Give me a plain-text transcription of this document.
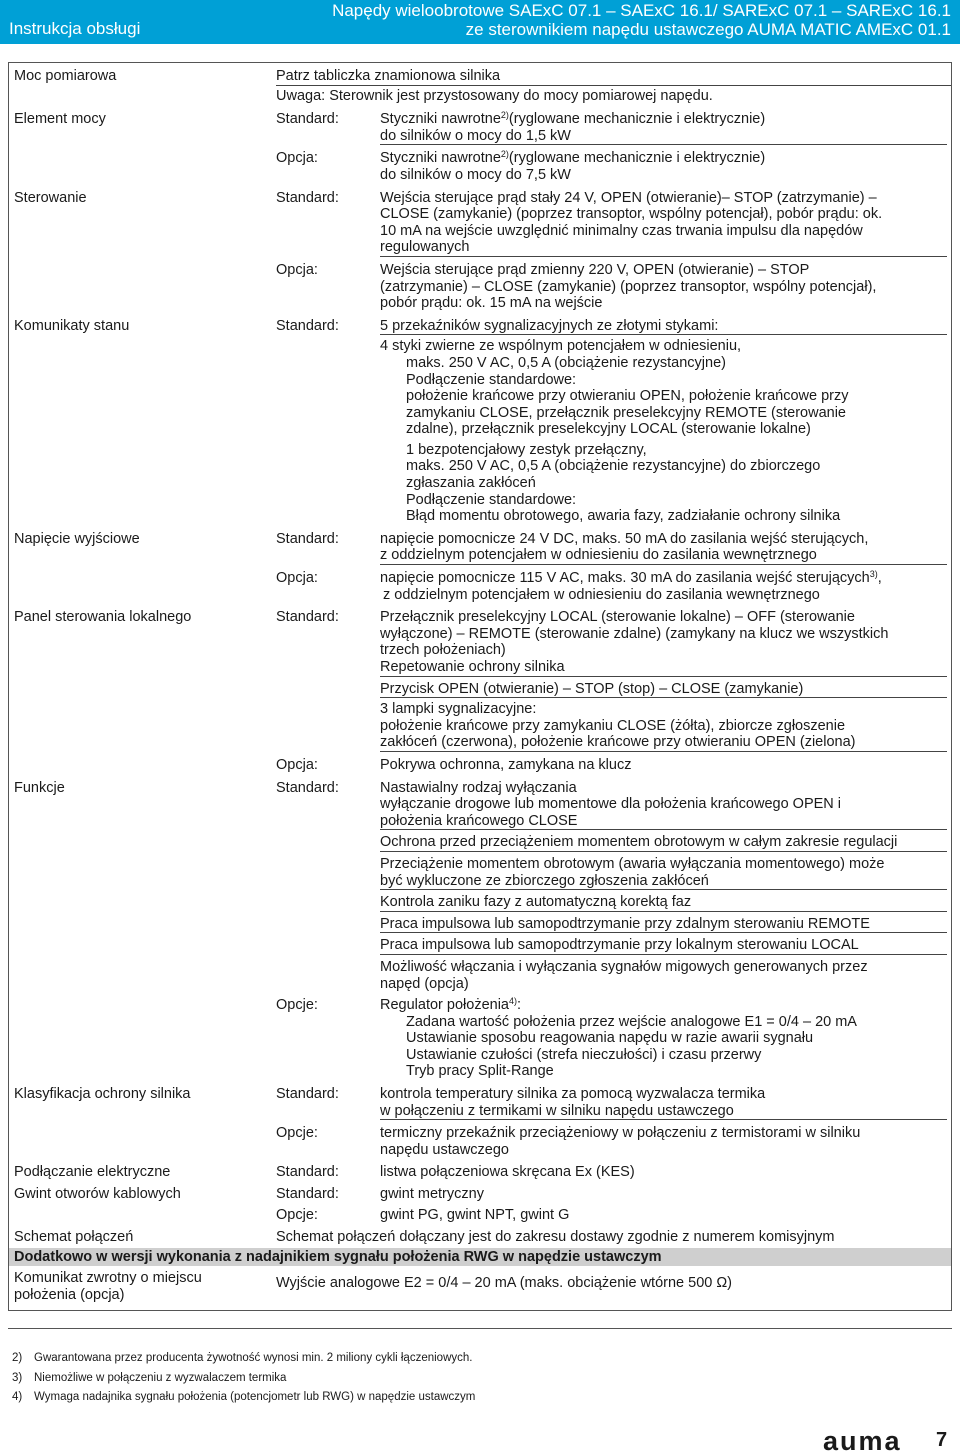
Instrukcja obsługi
Napędy wieloobrotowe SAExC 07.1 – SAExC 16.1/ SARExC 07.1 – SARExC 16.1
ze sterownikiem napędu ustawczego AUMA MATIC AMExC 01.1
Moc pomiarowa	Patrz tabliczka znamionowa silnika
Uwaga: Sterownik jest przystosowany do mocy pomiarowej napędu.
Element mocy	Standard:	Styczniki nawrotne$^{2)}$(ryglowane mechanicznie i elektrycznie)
do silników o mocy do 1,5 kW
Opcja:	Styczniki nawrotne$^{2)}$(ryglowane mechanicznie i elektrycznie)
do silników o mocy do 7,5 kW
Sterowanie	Standard:	Wejścia sterujące prąd stały 24 V, OPEN (otwieranie)– STOP (zatrzymanie) –
CLOSE (zamykanie) (poprzez transoptor, wspólny potencjał), pobór prądu: ok.
10 mA na wejście uwzględnić minimalny czas trwania impulsu dla napędów
regulowanych
Opcja:	Wejścia sterujące prąd zmienny 220 V, OPEN (otwieranie) – STOP
(zatrzymanie) – CLOSE (zamykanie) (poprzez transoptor, wspólny potencjał),
pobór prądu: ok. 15 mA na wejście
Komunikaty stanu	Standard:	5 przekaźników sygnalizacyjnych ze złotymi stykami:
4 styki zwierne ze wspólnym potencjałem w odniesieniu,
maks. 250 V AC, 0,5 A (obciążenie rezystancyjne)
Podłączenie standardowe:
położenie krańcowe przy otwieraniu OPEN, położenie krańcowe przy
zamykaniu CLOSE, przełącznik preselekcyjny REMOTE (sterowanie
zdalne), przełącznik preselekcyjny LOCAL (sterowanie lokalne)
1 bezpotencjałowy zestyk przełączny,
maks. 250 V AC, 0,5 A (obciążenie rezystancyjne) do zbiorczego
zgłaszania zakłóceń
Podłączenie standardowe:
Błąd momentu obrotowego, awaria fazy, zadziałanie ochrony silnika
Napięcie wyjściowe	Standard:	napięcie pomocnicze 24 V DC, maks. 50 mA do zasilania wejść sterujących,
z oddzielnym potencjałem w odniesieniu do zasilania wewnętrznego
Opcja:	napięcie pomocnicze 115 V AC, maks. 30 mA do zasilania wejść sterujących$^{3)}$,
z oddzielnym potencjałem w odniesieniu do zasilania wewnętrznego
Panel sterowania lokalnego	Standard:	Przełącznik preselekcyjny LOCAL (sterowanie lokalne) – OFF (sterowanie
wyłączone) – REMOTE (sterowanie zdalne) (zamykany na klucz we wszystkich
trzech położeniach)
Repetowanie ochrony silnika
Przycisk OPEN (otwieranie) – STOP (stop) – CLOSE (zamykanie)
3 lampki sygnalizacyjne:
położenie krańcowe przy zamykaniu CLOSE (żółta), zbiorcze zgłoszenie
zakłóceń (czerwona), położenie krańcowe przy otwieraniu OPEN (zielona)
Opcja:	Pokrywa ochronna, zamykana na klucz
Funkcje	Standard:	Nastawialny rodzaj wyłączania
wyłączanie drogowe lub momentowe dla położenia krańcowego OPEN i
położenia krańcowego CLOSE
Ochrona przed przeciążeniem momentem obrotowym w całym zakresie regulacji
Przeciążenie momentem obrotowym (awaria wyłączania momentowego) może
być wykluczone ze zbiorczego zgłoszenia zakłóceń
Kontrola zaniku fazy z automatyczną korektą faz
Praca impulsowa lub samopodtrzymanie przy zdalnym sterowaniu REMOTE
Praca impulsowa lub samopodtrzymanie przy lokalnym sterowaniu LOCAL
Możliwość włączania i wyłączania sygnałów migowych generowanych przez
napęd (opcja)
Opcje:	Regulator położenia$^{4)}$:
Zadana wartość położenia przez wejście analogowe E1 = 0/4 – 20 mA
Ustawianie sposobu reagowania napędu w razie awarii sygnału
Ustawianie czułości (strefa nieczułości) i czasu przerwy
Tryb pracy Split-Range
Klasyfikacja ochrony silnika	Standard:	kontrola temperatury silnika za pomocą wyzwalacza termika
w połączeniu z termikami w silniku napędu ustawczego
Opcje:	termiczny przekaźnik przeciążeniowy w połączeniu z termistorami w silniku
napędu ustawczego
Podłączanie elektryczne	Standard:	listwa połączeniowa skręcana Ex (KES)
Gwint otworów kablowych	Standard:	gwint metryczny
Opcje:	gwint PG, gwint NPT, gwint G
Schemat połączeń	Schemat połączeń dołączany jest do zakresu dostawy zgodnie z numerem komisyjnym
Dodatkowo w wersji wykonania z nadajnikiem sygnału położenia RWG w napędzie ustawczym
Komunikat zwrotny o miejscu
położenia (opcja)
Wyjście analogowe E2 = 0/4 – 20 mA (maks. obciążenie wtórne 500 Ω)
2) Gwarantowana przez producenta żywotność wynosi min. 2 miliony cykli łączeniowych.
3) Niemożliwe w połączeniu z wyzwalaczem termika
4) Wymaga nadajnika sygnału położenia (potencjometr lub RWG) w napędzie ustawczym
auma 7
